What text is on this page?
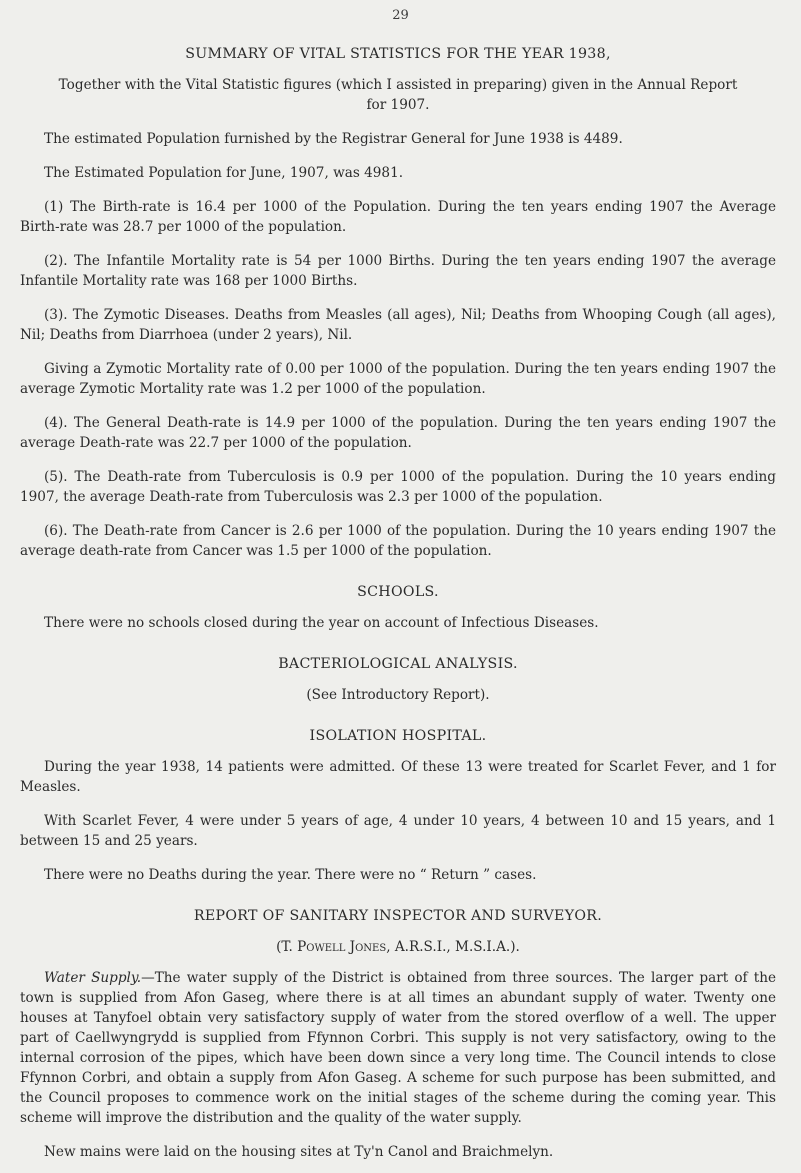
29
SUMMARY OF VITAL STATISTICS FOR THE YEAR 1938,

Together with the Vital Statistic figures (which I assisted in preparing) given in the Annual Report for 1907.

The estimated Population furnished by the Registrar General for June 1938 is 4489.

The Estimated Population for June, 1907, was 4981.

(1) The Birth-rate is 16.4 per 1000 of the Population. During the ten years ending 1907 the Average Birth-rate was 28.7 per 1000 of the population.

(2). The Infantile Mortality rate is 54 per 1000 Births. During the ten years ending 1907 the average Infantile Mortality rate was 168 per 1000 Births.

(3). The Zymotic Diseases. Deaths from Measles (all ages), Nil; Deaths from Whooping Cough (all ages), Nil; Deaths from Diarrhoea (under 2 years), Nil.

Giving a Zymotic Mortality rate of 0.00 per 1000 of the population. During the ten years ending 1907 the average Zymotic Mortality rate was 1.2 per 1000 of the population.

(4). The General Death-rate is 14.9 per 1000 of the population. During the ten years ending 1907 the average Death-rate was 22.7 per 1000 of the population.

(5). The Death-rate from Tuberculosis is 0.9 per 1000 of the population. During the 10 years ending 1907, the average Death-rate from Tuberculosis was 2.3 per 1000 of the population.

(6). The Death-rate from Cancer is 2.6 per 1000 of the population. During the 10 years ending 1907 the average death-rate from Cancer was 1.5 per 1000 of the population.

SCHOOLS.

There were no schools closed during the year on account of Infectious Diseases.

BACTERIOLOGICAL ANALYSIS.

(See Introductory Report).

ISOLATION HOSPITAL.

During the year 1938, 14 patients were admitted. Of these 13 were treated for Scarlet Fever, and 1 for Measles.

With Scarlet Fever, 4 were under 5 years of age, 4 under 10 years, 4 between 10 and 15 years, and 1 between 15 and 25 years.

There were no Deaths during the year. There were no “ Return ” cases.

REPORT OF SANITARY INSPECTOR AND SURVEYOR.

(T. Powell Jones, A.R.S.I., M.S.I.A.).

Water Supply.—The water supply of the District is obtained from three sources. The larger part of the town is supplied from Afon Gaseg, where there is at all times an abundant supply of water. Twenty one houses at Tanyfoel obtain very satisfactory supply of water from the stored overflow of a well. The upper part of Caellwyngrydd is supplied from Ffynnon Corbri. This supply is not very satisfactory, owing to the internal corrosion of the pipes, which have been down since a very long time. The Council intends to close Ffynnon Corbri, and obtain a supply from Afon Gaseg. A scheme for such purpose has been submitted, and the Council proposes to commence work on the initial stages of the scheme during the coming year. This scheme will improve the distribution and the quality of the water supply.

New mains were laid on the housing sites at Ty'n Canol and Braichmelyn.
